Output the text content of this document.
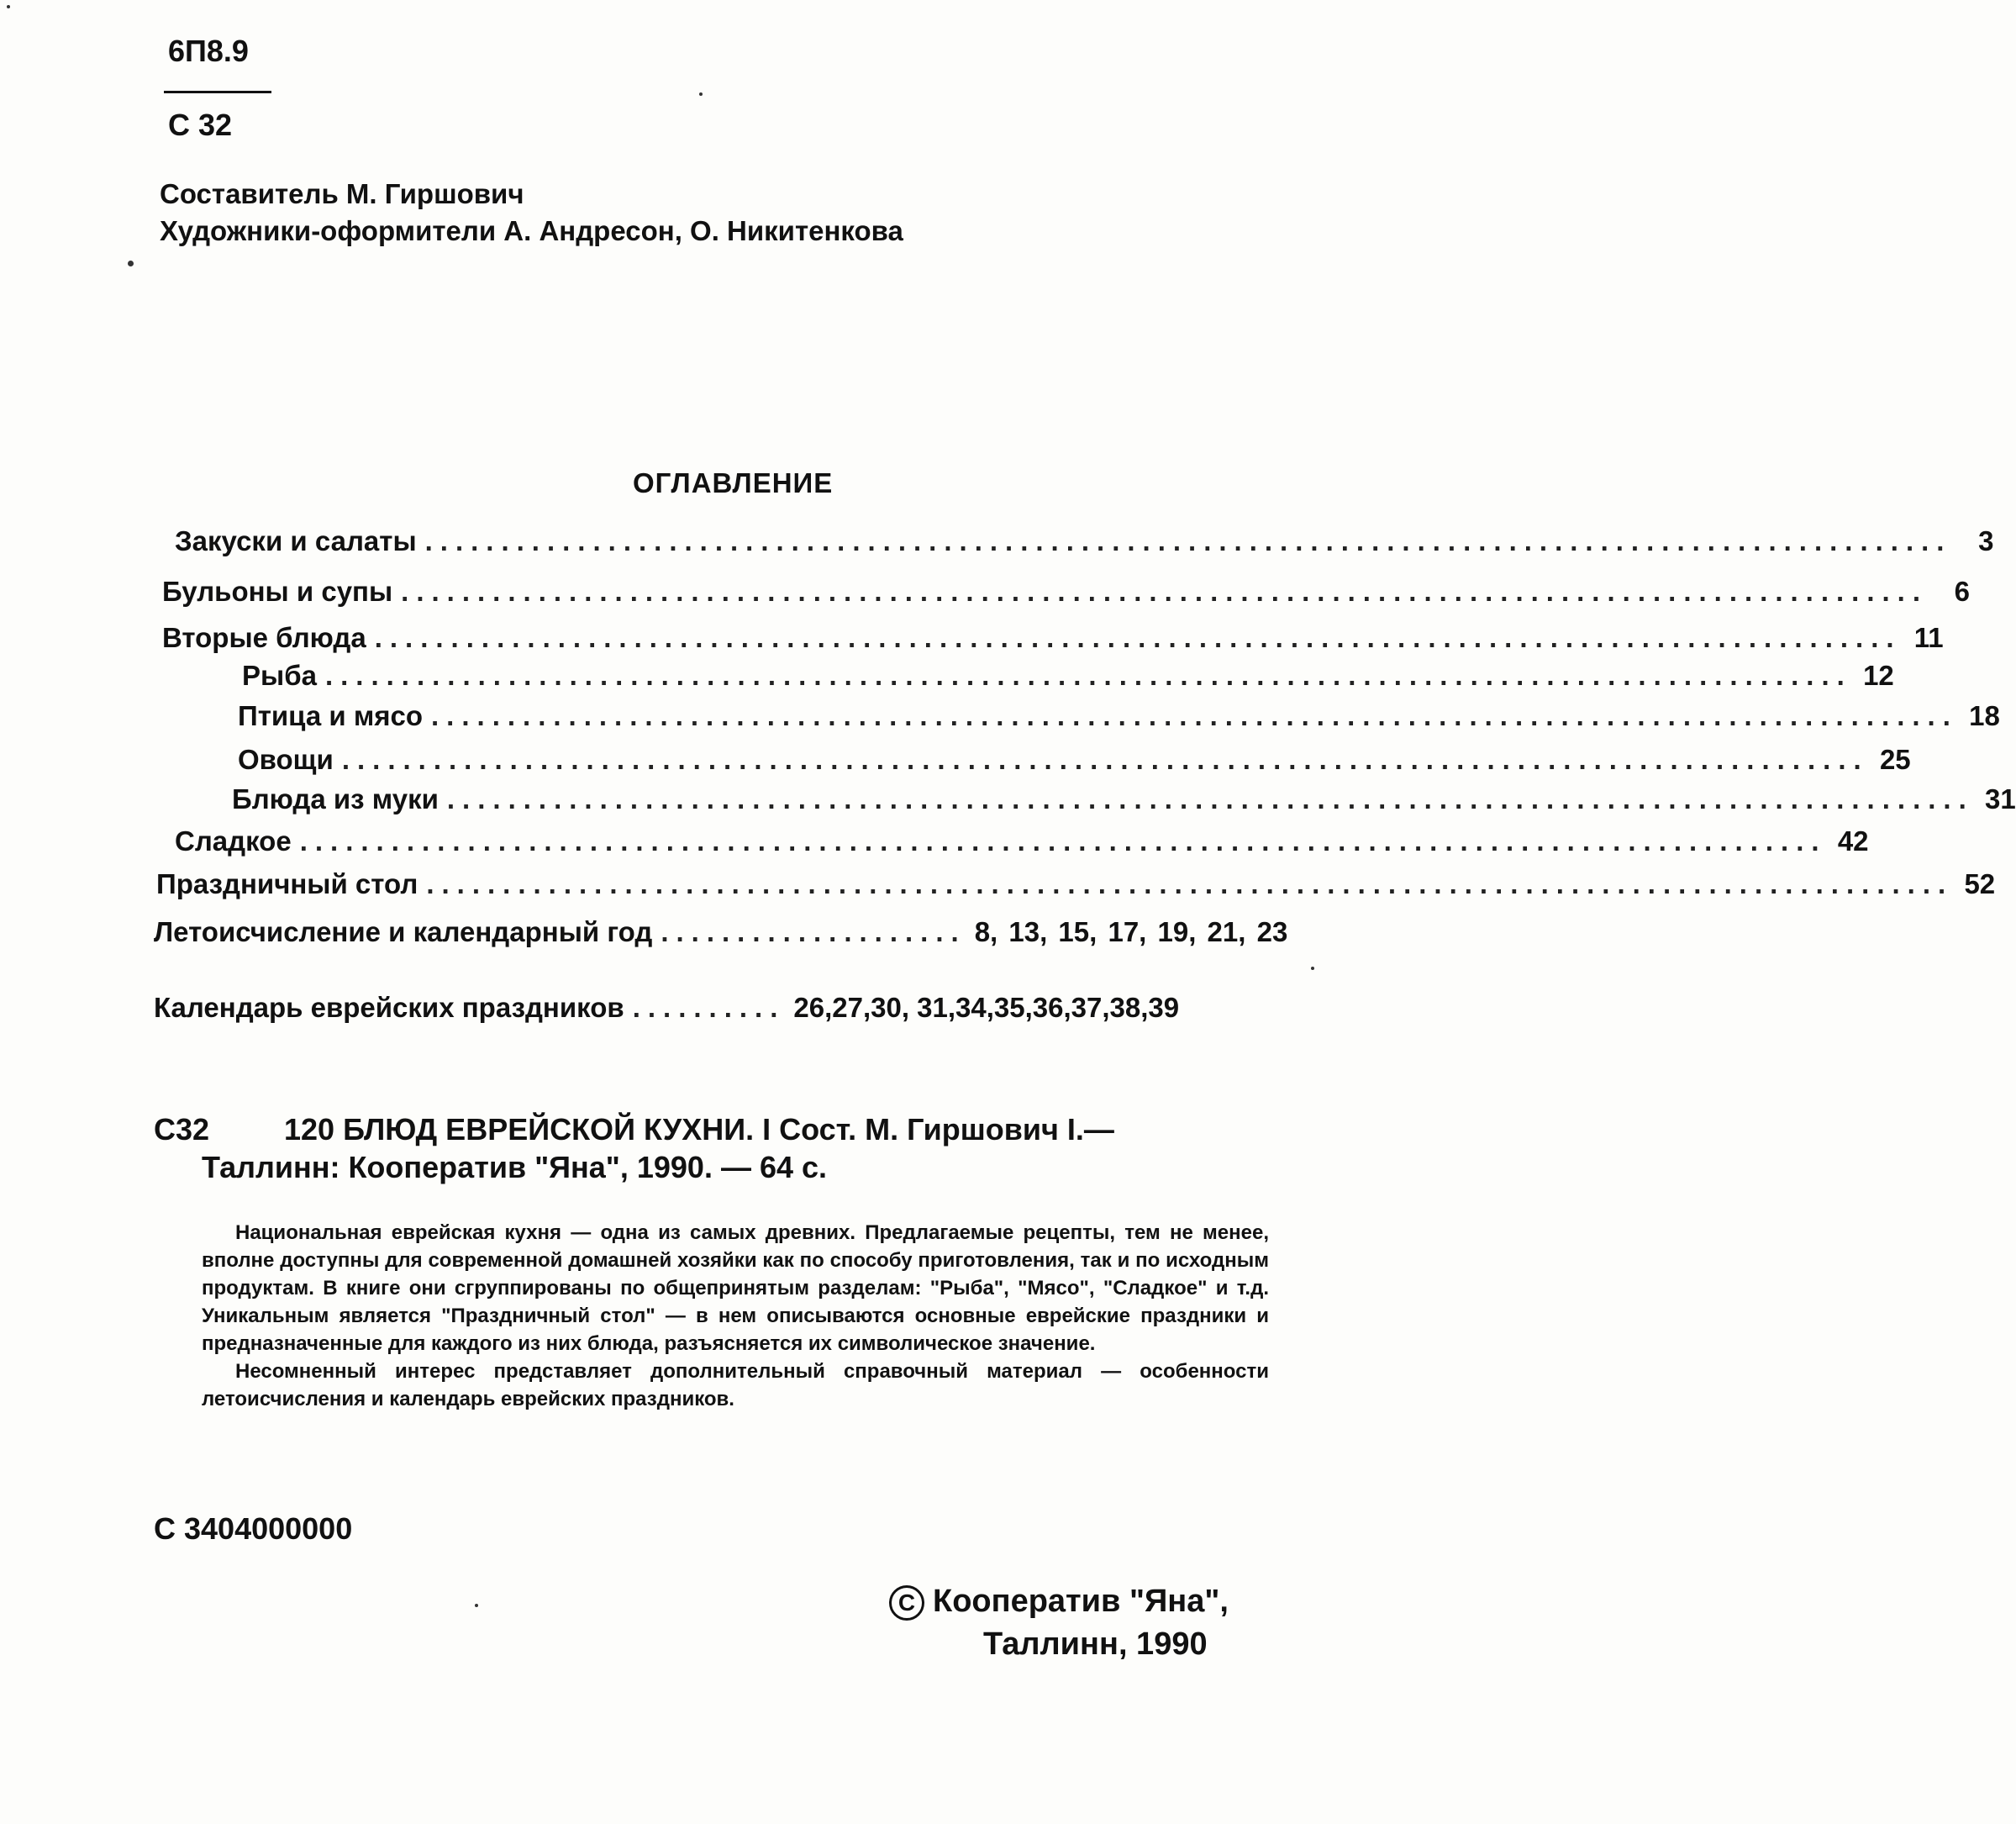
6П8.9
С 32
Составитель М. Гиршович
Художники-оформители А. Андресон, О. Никитенкова
ОГЛАВЛЕНИЕ
Закуски и салаты .................................................................................................... 3
Бульоны и супы .................................................................................................... 6
Вторые блюда .................................................................................................... 11
Рыба .................................................................................................... 12
Птица и мясо .................................................................................................... 18
Овощи .................................................................................................... 25
Блюда из муки .................................................................................................... 31
Сладкое .................................................................................................... 42
Праздничный стол .................................................................................................... 52
Летоисчисление и календарный год .................... 8, 13, 15, 17, 19, 21, 23
Календарь еврейских праздников .......... 26,27,30, 31,34,35,36,37,38,39
С32 120 БЛЮД ЕВРЕЙСКОЙ КУХНИ. I Сост. М. Гиршович I.—
Таллинн: Кооператив "Яна", 1990. — 64 с.

Национальная еврейская кухня — одна из самых древних. Предлагаемые рецепты, тем не менее, вполне доступны для современной домашней хозяйки как по способу приготовления, так и по исходным продуктам. В книге они сгруппированы по общепринятым разделам: "Рыба", "Мясо", "Сладкое" и т.д. Уникальным является "Праздничный стол" — в нем описываются основные еврейские праздники и предназначенные для каждого из них блюда, разъясняется их символическое значение.

Несомненный интерес представляет дополнительный справочный материал — особенности летоисчисления и календарь еврейских праздников.

С 3404000000
C Кооператив "Яна",
Таллинн, 1990
